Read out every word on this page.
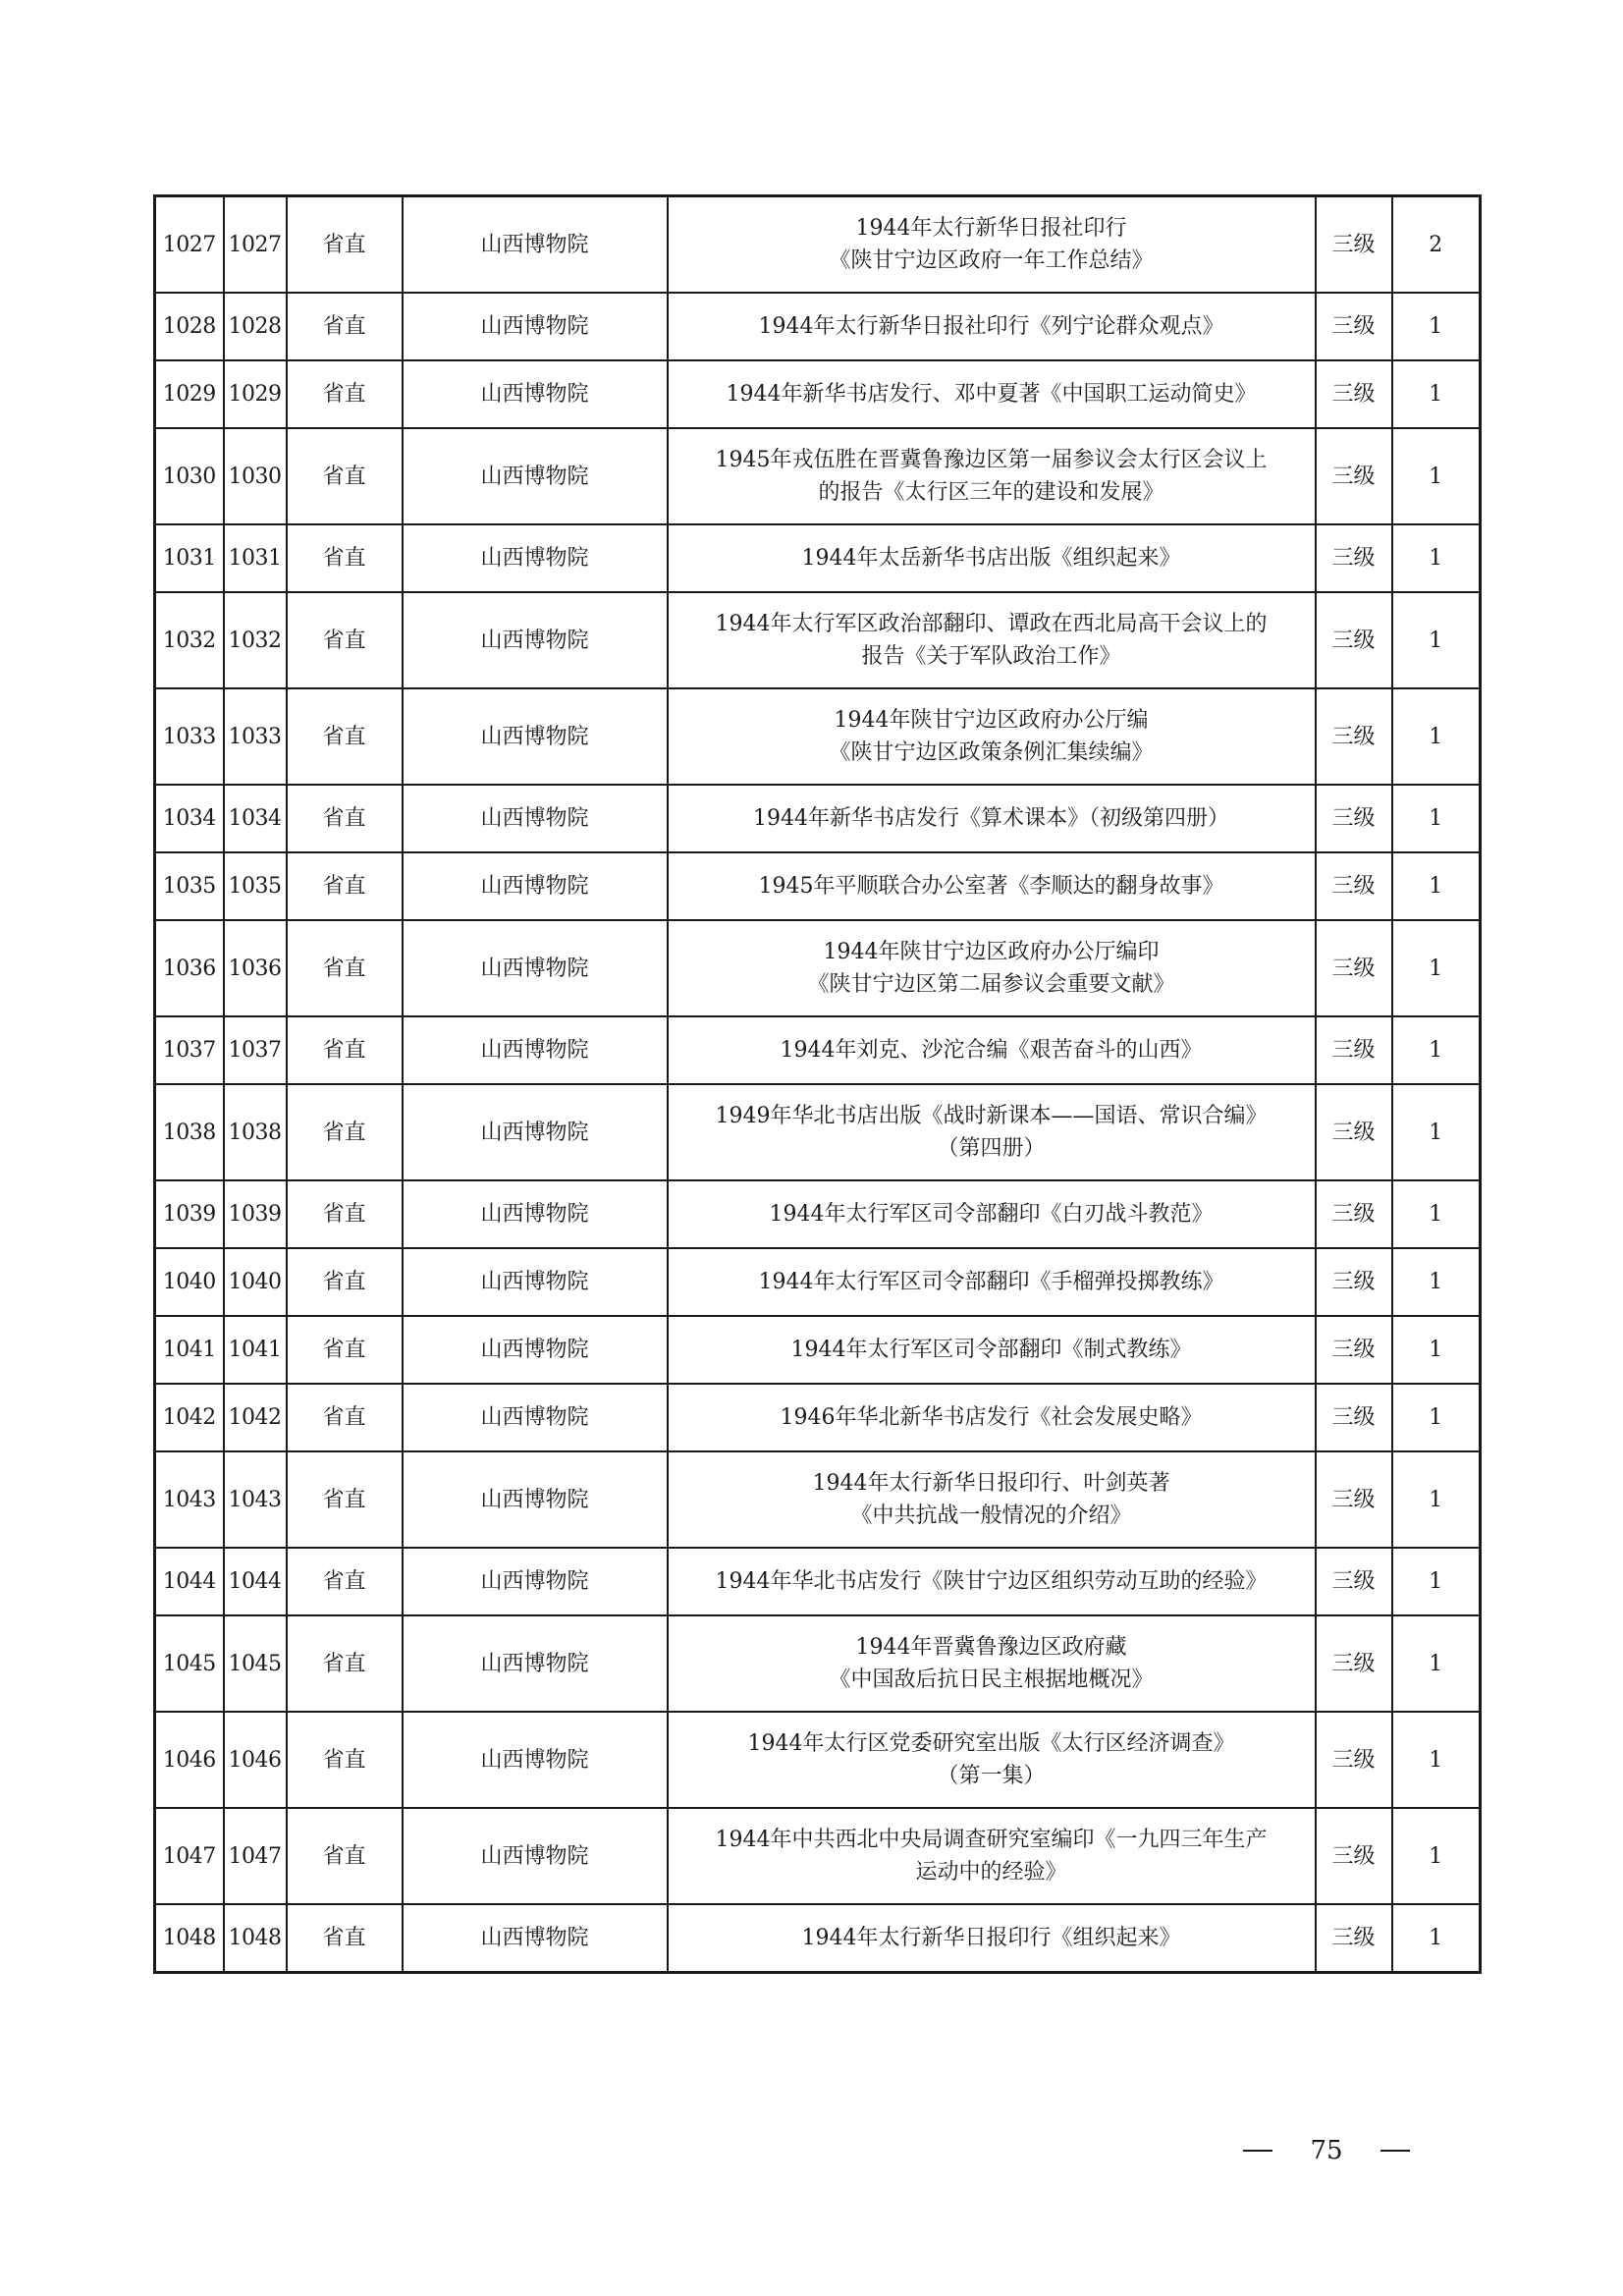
1027	1027	省直	山西博物院	1944年太行新华日报社印行
《陕甘宁边区政府一年工作总结》	三级	2
1028	1028	省直	山西博物院	1944年太行新华日报社印行《列宁论群众观点》	三级	1
1029	1029	省直	山西博物院	1944年新华书店发行、邓中夏著《中国职工运动简史》	三级	1
1030	1030	省直	山西博物院	1945年戎伍胜在晋冀鲁豫边区第一届参议会太行区会议上
的报告《太行区三年的建设和发展》	三级	1
1031	1031	省直	山西博物院	1944年太岳新华书店出版《组织起来》	三级	1
1032	1032	省直	山西博物院	1944年太行军区政治部翻印、谭政在西北局高干会议上的
报告《关于军队政治工作》	三级	1
1033	1033	省直	山西博物院	1944年陕甘宁边区政府办公厅编
《陕甘宁边区政策条例汇集续编》	三级	1
1034	1034	省直	山西博物院	1944年新华书店发行《算术课本》（初级第四册）	三级	1
1035	1035	省直	山西博物院	1945年平顺联合办公室著《李顺达的翻身故事》	三级	1
1036	1036	省直	山西博物院	1944年陕甘宁边区政府办公厅编印
《陕甘宁边区第二届参议会重要文献》	三级	1
1037	1037	省直	山西博物院	1944年刘克、沙沱合编《艰苦奋斗的山西》	三级	1
1038	1038	省直	山西博物院	1949年华北书店出版《战时新课本——国语、常识合编》
（第四册）	三级	1
1039	1039	省直	山西博物院	1944年太行军区司令部翻印《白刃战斗教范》	三级	1
1040	1040	省直	山西博物院	1944年太行军区司令部翻印《手榴弹投掷教练》	三级	1
1041	1041	省直	山西博物院	1944年太行军区司令部翻印《制式教练》	三级	1
1042	1042	省直	山西博物院	1946年华北新华书店发行《社会发展史略》	三级	1
1043	1043	省直	山西博物院	1944年太行新华日报印行、叶剑英著
《中共抗战一般情况的介绍》	三级	1
1044	1044	省直	山西博物院	1944年华北书店发行《陕甘宁边区组织劳动互助的经验》	三级	1
1045	1045	省直	山西博物院	1944年晋冀鲁豫边区政府藏
《中国敌后抗日民主根据地概况》	三级	1
1046	1046	省直	山西博物院	1944年太行区党委研究室出版《太行区经济调查》
（第一集）	三级	1
1047	1047	省直	山西博物院	1944年中共西北中央局调查研究室编印《一九四三年生产
运动中的经验》	三级	1
1048	1048	省直	山西博物院	1944年太行新华日报印行《组织起来》	三级	1
75
